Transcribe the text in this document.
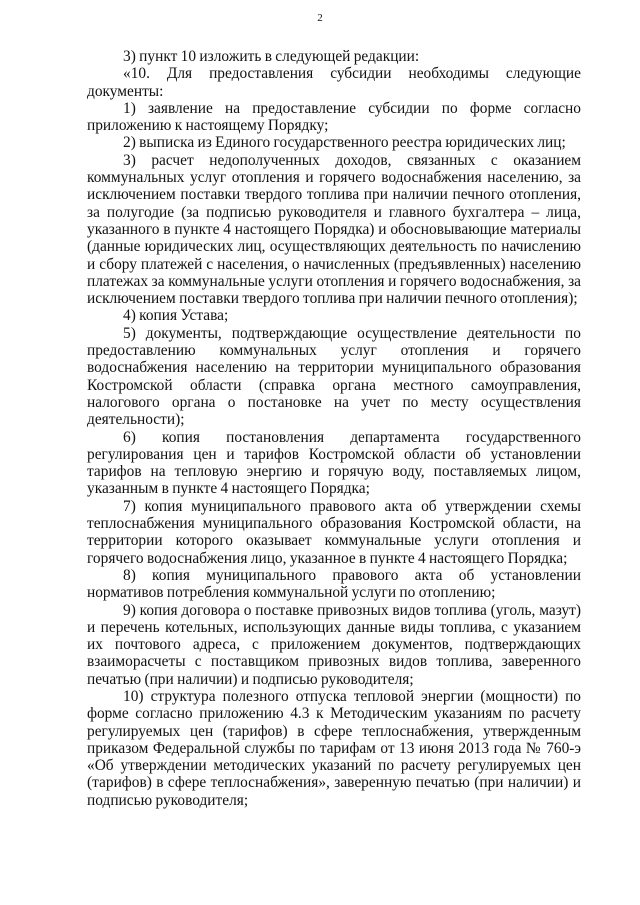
2

3) пункт 10 изложить в следующей редакции:

«10. Для предоставления субсидии необходимы следующие документы:

1) заявление на предоставление субсидии по форме согласно приложению к настоящему Порядку;

2) выписка из Единого государственного реестра юридических лиц;

3) расчет недополученных доходов, связанных с оказанием коммунальных услуг отопления и горячего водоснабжения населению, за исключением поставки твердого топлива при наличии печного отопления, за полугодие (за подписью руководителя и главного бухгалтера – лица, указанного в пункте 4 настоящего Порядка) и обосновывающие материалы (данные юридических лиц, осуществляющих деятельность по начислению и сбору платежей с населения, о начисленных (предъявленных) населению платежах за коммунальные услуги отопления и горячего водоснабжения, за исключением поставки твердого топлива при наличии печного отопления);

4) копия Устава;

5) документы, подтверждающие осуществление деятельности по предоставлению коммунальных услуг отопления и горячего водоснабжения населению на территории муниципального образования Костромской области (справка органа местного самоуправления, налогового органа о постановке на учет по месту осуществления деятельности);

6) копия постановления департамента государственного регулирования цен и тарифов Костромской области об установлении тарифов на тепловую энергию и горячую воду, поставляемых лицом, указанным в пункте 4 настоящего Порядка;

7) копия муниципального правового акта об утверждении схемы теплоснабжения муниципального образования Костромской области, на территории которого оказывает коммунальные услуги отопления и горячего водоснабжения лицо, указанное в пункте 4 настоящего Порядка;

8) копия муниципального правового акта об установлении нормативов потребления коммунальной услуги по отоплению;

9) копия договора о поставке привозных видов топлива (уголь, мазут) и перечень котельных, использующих данные виды топлива, с указанием их почтового адреса, с приложением документов, подтверждающих взаиморасчеты с поставщиком привозных видов топлива, заверенного печатью (при наличии) и подписью руководителя;

10) структура полезного отпуска тепловой энергии (мощности) по форме согласно приложению 4.3 к Методическим указаниям по расчету регулируемых цен (тарифов) в сфере теплоснабжения, утвержденным приказом Федеральной службы по тарифам от 13 июня 2013 года № 760-э «Об утверждении методических указаний по расчету регулируемых цен (тарифов) в сфере теплоснабжения», заверенную печатью (при наличии) и подписью руководителя;
